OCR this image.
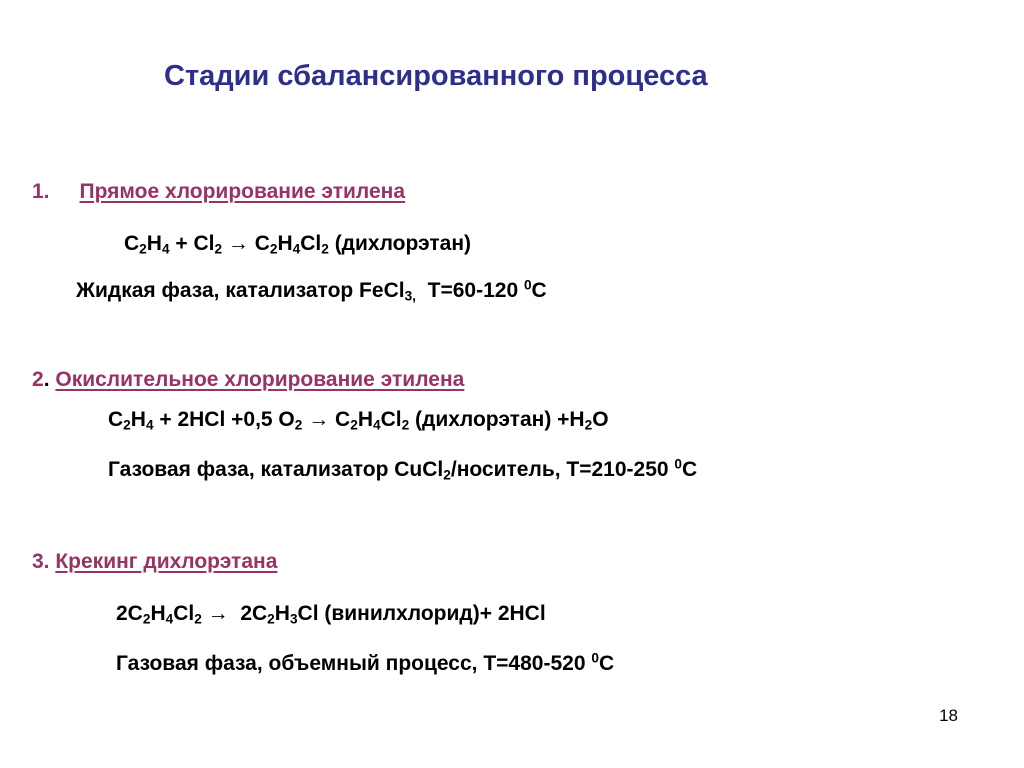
Стадии сбалансированного процесса
1. Прямое хлорирование этилена
$C_2H_4 + Cl_2 \to C_2H_4Cl_2$ (дихлорэтан)
Жидкая фаза, катализатор FeCl$_{3,}$  T=60-120 $^0$C
2. Окислительное хлорирование этилена
$C_2H_4 + 2HCl +0,5$ $O_2 \to C_2H_4Cl_2$ (дихлорэтан) $+H_2O$
Газовая фаза, катализатор CuCl$_2$/носитель, T=210-250 $^0$C
3. Крекинг дихлорэтана
$2C_2H_4Cl_2 \to 2C_2H_3Cl$ (винилхлорид)+ 2HCl
Газовая фаза, объемный процесс, T=480-520 $^0$C
18
